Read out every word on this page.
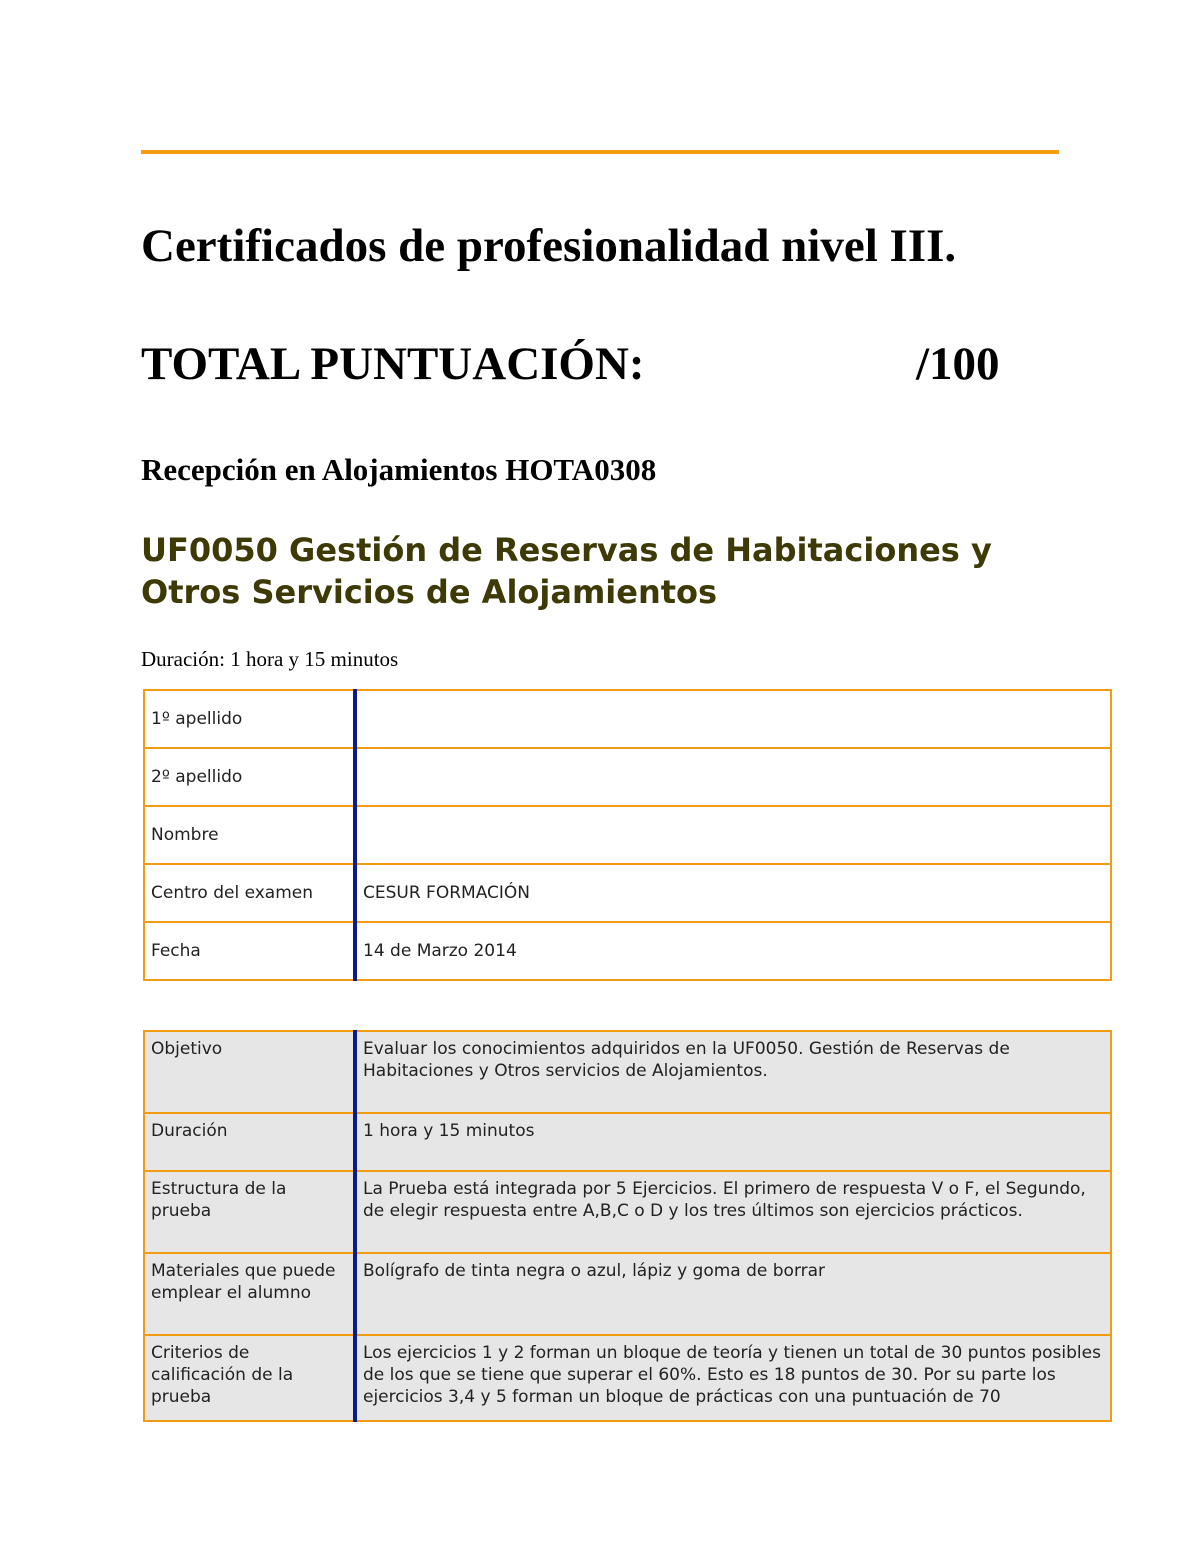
Certificados de profesionalidad nivel III.
TOTAL PUNTUACIÓN:	/100
Recepción en Alojamientos HOTA0308
UF0050 Gestión de Reservas de Habitaciones y Otros Servicios de Alojamientos

Duración: 1 hora y 15 minutos

1º apellido	
2º apellido	
Nombre	
Centro del examen	CESUR FORMACIÓN
Fecha	14 de Marzo 2014
Objetivo	Evaluar los conocimientos adquiridos en la UF0050. Gestión de Reservas de Habitaciones y Otros servicios de Alojamientos.
Duración	1 hora y 15 minutos
Estructura de la prueba	La Prueba está integrada por 5 Ejercicios. El primero de respuesta V o F, el Segundo, de elegir respuesta entre A,B,C o D y los tres últimos son ejercicios prácticos.
Materiales que puede emplear el alumno	Bolígrafo de tinta negra o azul, lápiz y goma de borrar
Criterios de calificación de la prueba	Los ejercicios 1 y 2 forman un bloque de teoría y tienen un total de 30 puntos posibles de los que se tiene que superar el 60%. Esto es 18 puntos de 30. Por su parte los ejercicios 3,4 y 5 forman un bloque de prácticas con una puntuación de 70
